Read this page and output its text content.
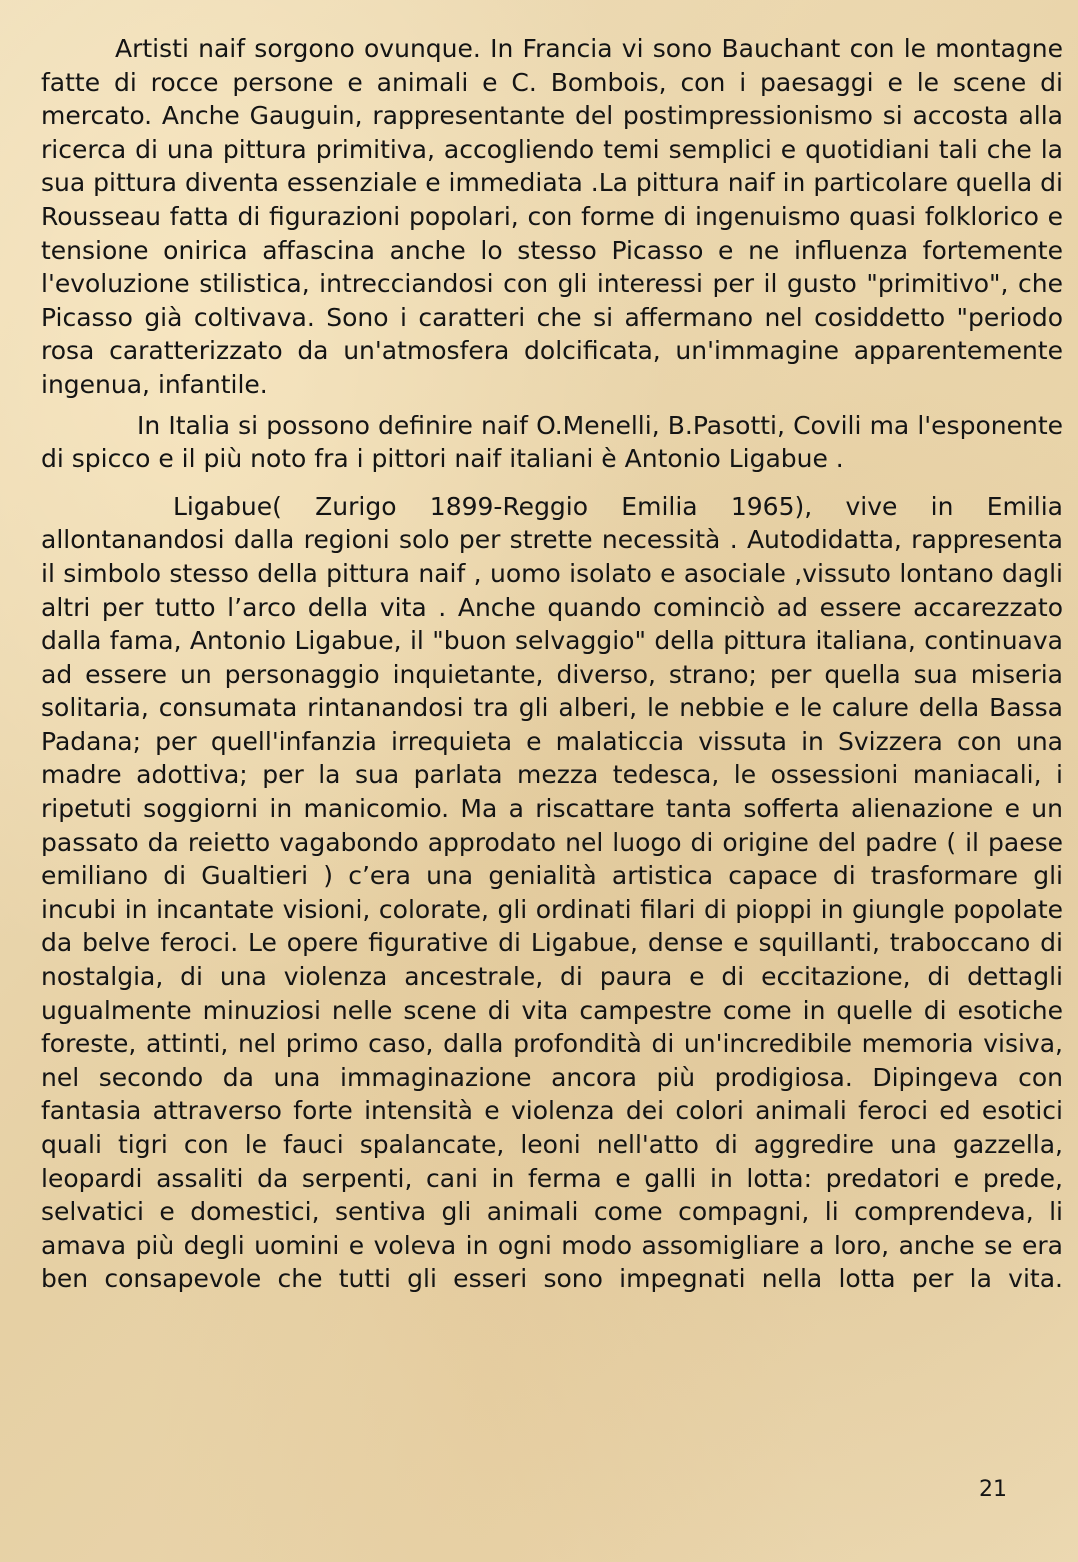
Artisti naif sorgono ovunque. In Francia vi sono Bauchant con le montagne fatte di rocce persone e animali e C. Bombois, con i paesaggi e le scene di mercato. Anche Gauguin, rappresentante del postimpressionismo si accosta alla ricerca di una pittura primitiva, accogliendo temi semplici e quotidiani tali che la sua pittura diventa essenziale e immediata .La pittura naif in particolare quella di Rousseau fatta di figurazioni popolari, con forme di ingenuismo quasi folklorico e tensione onirica affascina anche lo stesso Picasso e ne influenza fortemente l'evoluzione stilistica, intrecciandosi con gli interessi per il gusto "primitivo", che Picasso già coltivava. Sono i caratteri che si affermano nel cosiddetto "periodo rosa caratterizzato da un'atmosfera dolcificata, un'immagine apparentemente ingenua, infantile.

In Italia si possono definire naif O.Menelli, B.Pasotti, Covili ma l'esponente di spicco e il più noto fra i pittori naif italiani è Antonio Ligabue .

Ligabue( Zurigo 1899-Reggio Emilia 1965), vive in Emilia allontanandosi dalla regioni solo per strette necessità . Autodidatta, rappresenta il simbolo stesso della pittura naif , uomo isolato e asociale ,vissuto lontano dagli altri per tutto l’arco della vita . Anche quando cominciò ad essere accarezzato dalla fama, Antonio Ligabue, il "buon selvaggio" della pittura italiana, continuava ad essere un personaggio inquietante, diverso, strano; per quella sua miseria solitaria, consumata rintanandosi tra gli alberi, le nebbie e le calure della Bassa Padana; per quell'infanzia irrequieta e malaticcia vissuta in Svizzera con una madre adottiva; per la sua parlata mezza tedesca, le ossessioni maniacali, i ripetuti soggiorni in manicomio. Ma a riscattare tanta sofferta alienazione e un passato da reietto vagabondo approdato nel luogo di origine del padre ( il paese emiliano di Gualtieri ) c’era una genialità artistica capace di trasformare gli incubi in incantate visioni, colorate, gli ordinati filari di pioppi in giungle popolate da belve feroci. Le opere figurative di Ligabue, dense e squillanti, traboccano di nostalgia, di una violenza ancestrale, di paura e di eccitazione, di dettagli ugualmente minuziosi nelle scene di vita campestre come in quelle di esotiche foreste, attinti, nel primo caso, dalla profondità di un'incredibile memoria visiva, nel secondo da una immaginazione ancora più prodigiosa. Dipingeva con fantasia attraverso forte intensità e violenza dei colori animali feroci ed esotici quali tigri con le fauci spalancate, leoni nell'atto di aggredire una gazzella, leopardi assaliti da serpenti, cani in ferma e galli in lotta: predatori e prede, selvatici e domestici, sentiva gli animali come compagni, li comprendeva, li amava più degli uomini e voleva in ogni modo assomigliare a loro, anche se era ben consapevole che tutti gli esseri sono impegnati nella lotta per la vita.

21
